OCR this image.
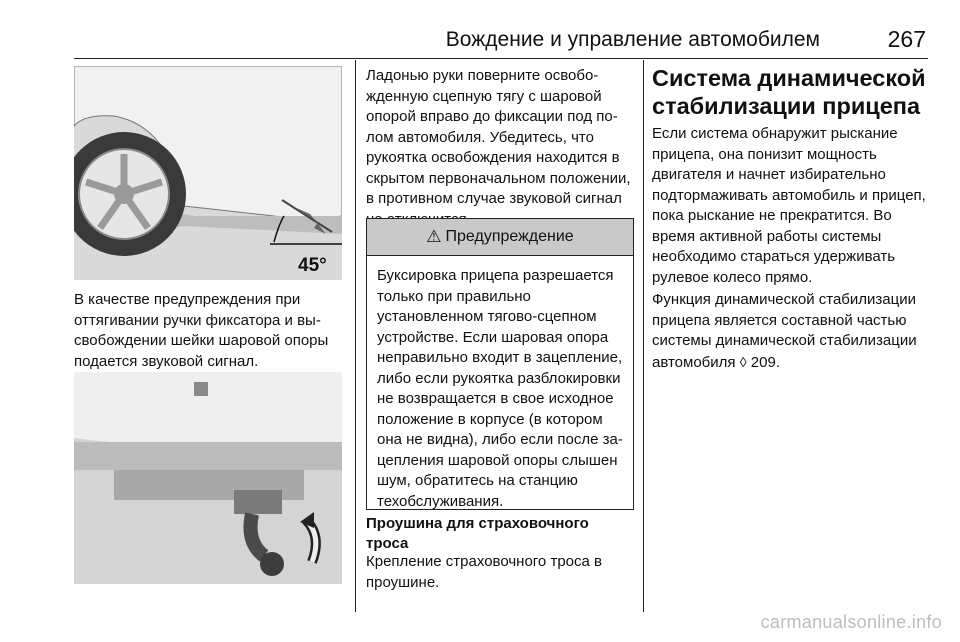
Вождение и управление автомобилем	267
45°

В качестве предупреждения при оттягивании ручки фиксатора и высвобождении шейки шаровой опоры подается звуковой сигнал.

Ладонью руки поверните освобожденную сцепную тягу с шаровой опорой вправо до фиксации под полом автомобиля. Убедитесь, что рукоятка освобождения находится в скрытом первоначальном положении, в противном случае звуковой сигнал

⚠ Предупреждение
Буксировка прицепа разрешается только при правильно установленном тягово-сцепном устройстве. Если шаровая опора неправильно входит в зацепление, либо если рукоятка разблокировки не возвращается в свое исходное положение в корпусе (в котором она не видна), либо если после зацепления шаровой опоры слышен шум, обратитесь на станцию техобслуживания.
Проушина для страховочного троса

Крепление страховочного троса в проушине.

Система динамической стабилизации прицепа

Если система обнаружит рыскание прицепа, она понизит мощность двигателя и начнет избирательно подтормаживать автомобиль и прицеп, пока рыскание не прекратится. Во время активной работы системы необходимо стараться удерживать рулевое колесо прямо.

Функция динамической стабилизации прицепа является составной частью системы динамической стабилизации автомобиля ◊ 209.

carmanualsonline.info
